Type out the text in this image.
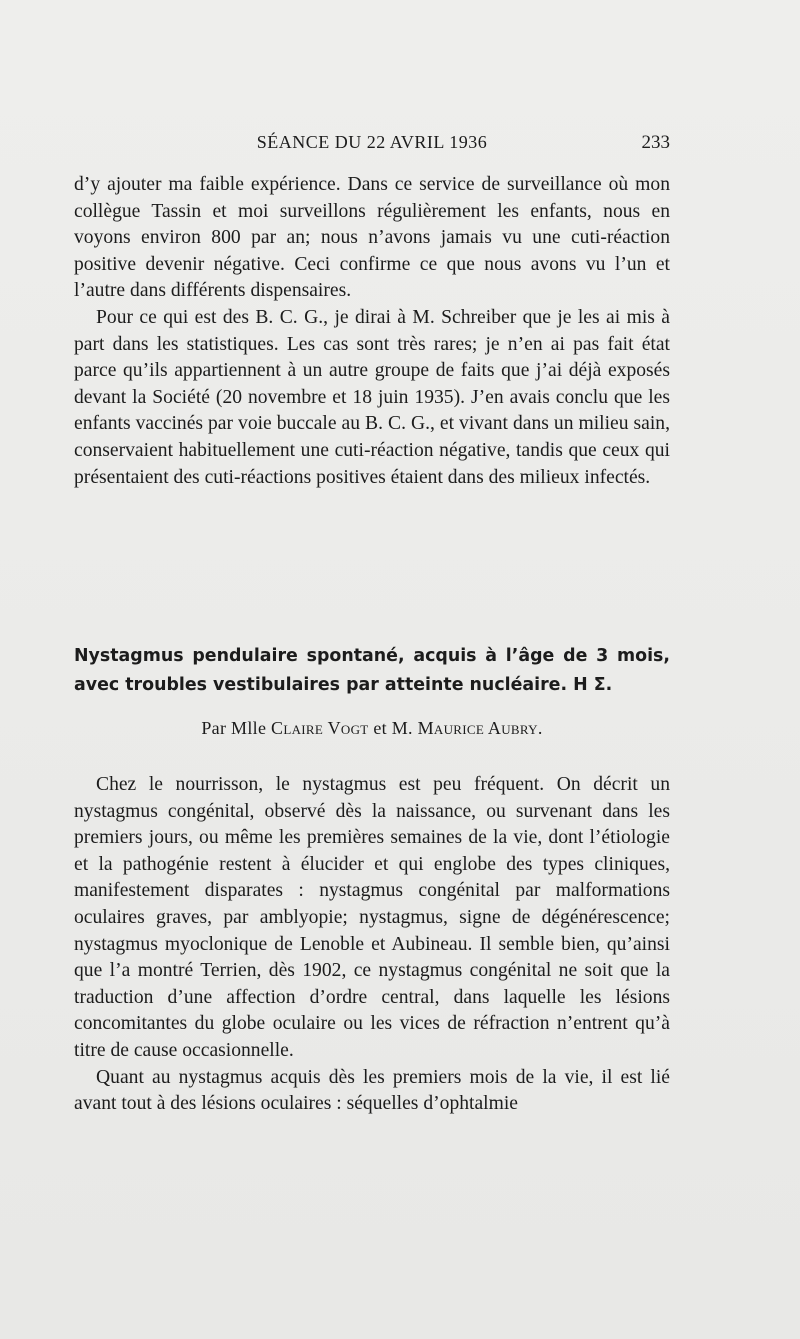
SÉANCE DU 22 AVRIL 1936	233

d’y ajouter ma faible expérience. Dans ce service de surveillance où mon collègue Tassin et moi surveillons régulièrement les enfants, nous en voyons environ 800 par an; nous n’avons jamais vu une cuti-réaction positive devenir négative. Ceci confirme ce que nous avons vu l’un et l’autre dans différents dispensaires.

Pour ce qui est des B. C. G., je dirai à M. Schreiber que je les ai mis à part dans les statistiques. Les cas sont très rares; je n’en ai pas fait état parce qu’ils appartiennent à un autre groupe de faits que j’ai déjà exposés devant la Société (20 novembre et 18 juin 1935). J’en avais conclu que les enfants vaccinés par voie buccale au B. C. G., et vivant dans un milieu sain, conservaient habituellement une cuti-réaction négative, tandis que ceux qui présentaient des cuti-réactions positives étaient dans des milieux infectés.

Nystagmus pendulaire spontané, acquis à l’âge de 3 mois, avec troubles vestibulaires par atteinte nucléaire. H Σ.
Par Mlle Claire Vogt et M. Maurice Aubry.

Chez le nourrisson, le nystagmus est peu fréquent. On décrit un nystagmus congénital, observé dès la naissance, ou survenant dans les premiers jours, ou même les premières semaines de la vie, dont l’étiologie et la pathogénie restent à élucider et qui englobe des types cliniques, manifestement disparates : nystagmus congénital par malformations oculaires graves, par amblyopie; nystagmus, signe de dégénérescence; nystagmus myoclonique de Lenoble et Aubineau. Il semble bien, qu’ainsi que l’a montré Terrien, dès 1902, ce nystagmus congénital ne soit que la traduction d’une affection d’ordre central, dans laquelle les lésions concomitantes du globe oculaire ou les vices de réfraction n’entrent qu’à titre de cause occasionnelle.

Quant au nystagmus acquis dès les premiers mois de la vie, il est lié avant tout à des lésions oculaires : séquelles d’ophtalmie
